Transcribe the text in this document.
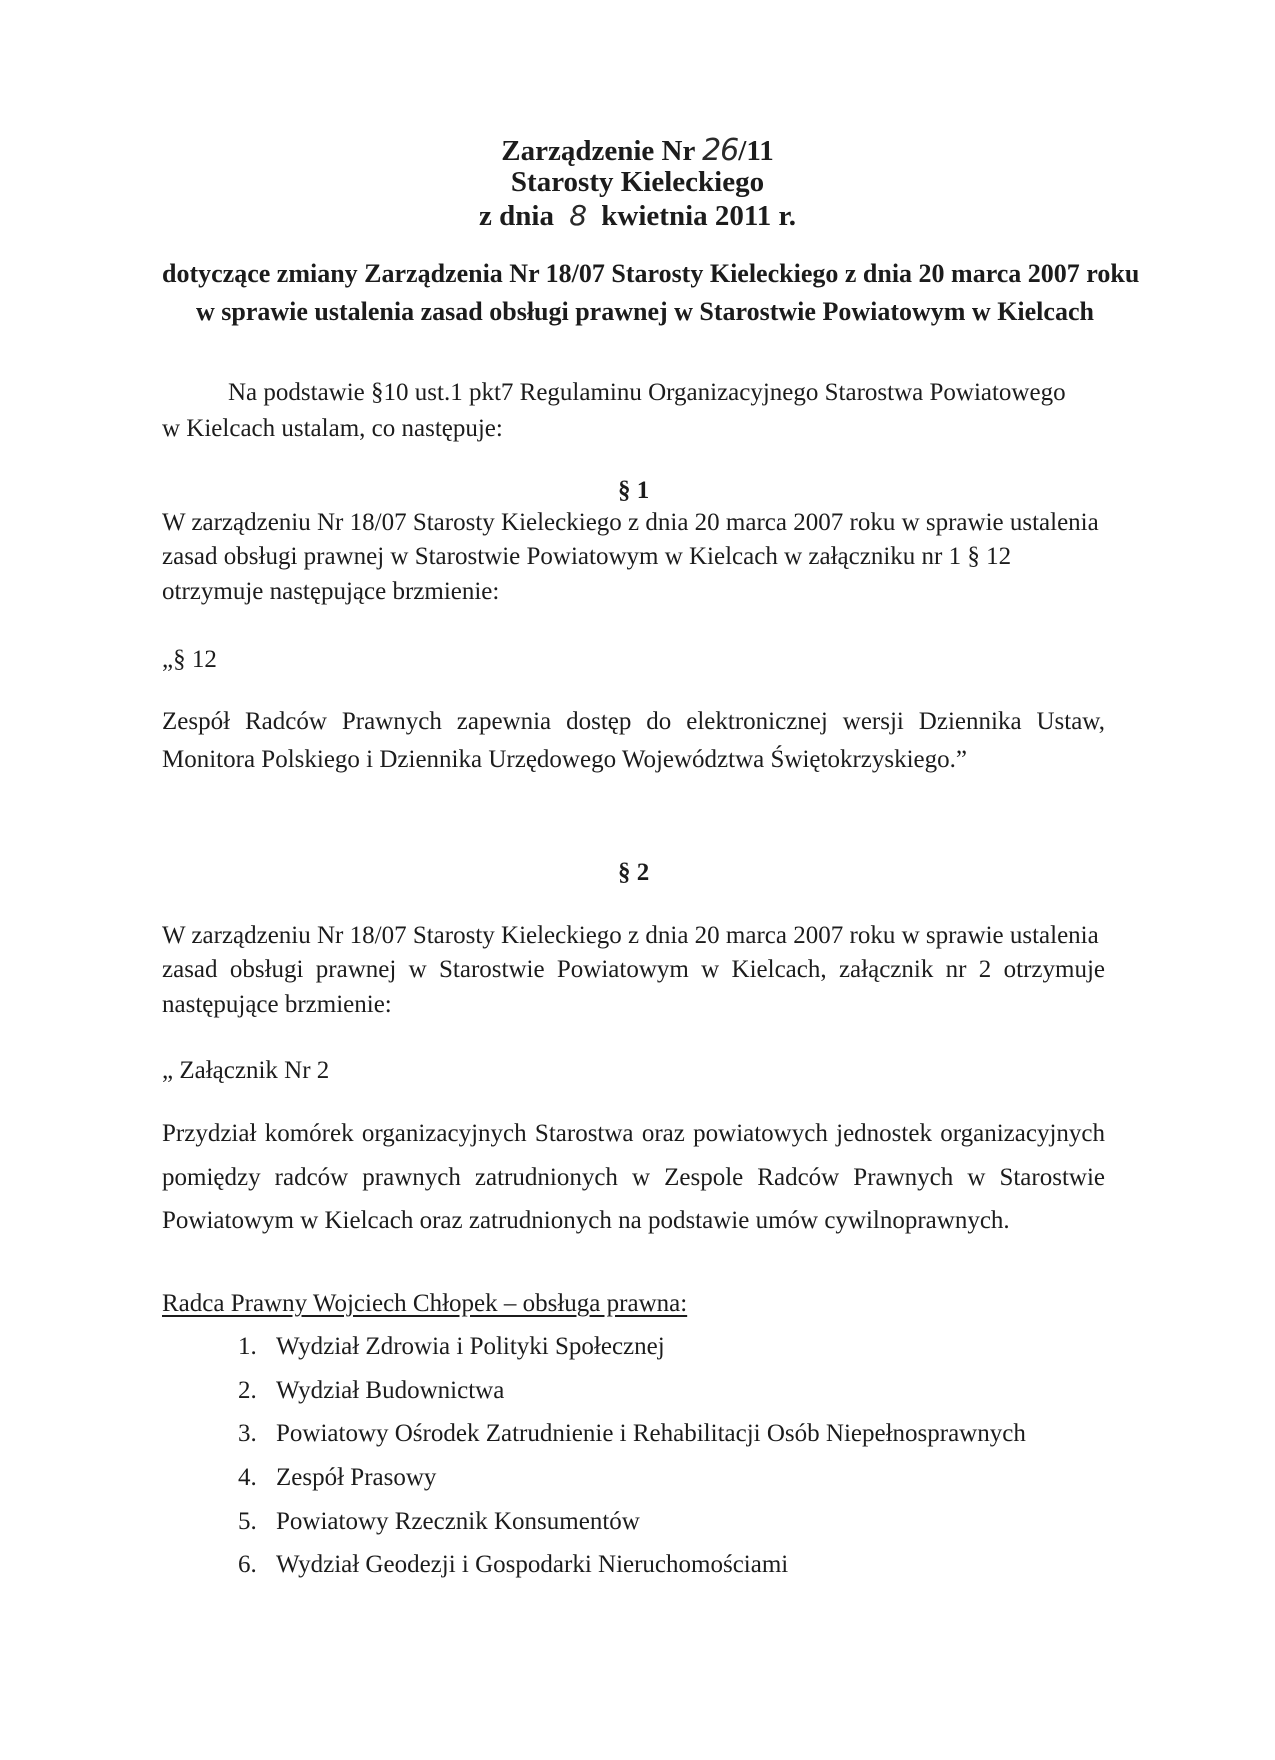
Zarządzenie Nr 26/11
Starosty Kieleckiego
z dnia 8 kwietnia 2011 r.
dotyczące zmiany Zarządzenia Nr 18/07 Starosty Kieleckiego z dnia 20 marca 2007 roku
w sprawie ustalenia zasad obsługi prawnej w Starostwie Powiatowym w Kielcach
Na podstawie §10 ust.1 pkt7 Regulaminu Organizacyjnego Starostwa Powiatowego
w Kielcach ustalam, co następuje:
§ 1
W zarządzeniu Nr 18/07 Starosty Kieleckiego z dnia 20 marca 2007 roku w sprawie ustalenia
zasad obsługi prawnej w Starostwie Powiatowym w Kielcach w załączniku nr 1 § 12
otrzymuje następujące brzmienie:
„§ 12
Zespół Radców Prawnych zapewnia dostęp do elektronicznej wersji Dziennika Ustaw,
Monitora Polskiego i Dziennika Urzędowego Województwa Świętokrzyskiego.”
§ 2
W zarządzeniu Nr 18/07 Starosty Kieleckiego z dnia 20 marca 2007 roku w sprawie ustalenia
zasad obsługi prawnej w Starostwie Powiatowym w Kielcach, załącznik nr 2 otrzymuje
następujące brzmienie:
„ Załącznik Nr 2
Przydział komórek organizacyjnych Starostwa oraz powiatowych jednostek organizacyjnych
pomiędzy radców prawnych zatrudnionych w Zespole Radców Prawnych w Starostwie
Powiatowym w Kielcach oraz zatrudnionych na podstawie umów cywilnoprawnych.
Radca Prawny Wojciech Chłopek – obsługa prawna:
1. Wydział Zdrowia i Polityki Społecznej
2. Wydział Budownictwa
3. Powiatowy Ośrodek Zatrudnienie i Rehabilitacji Osób Niepełnosprawnych
4. Zespół Prasowy
5. Powiatowy Rzecznik Konsumentów
6. Wydział Geodezji i Gospodarki Nieruchomościami
